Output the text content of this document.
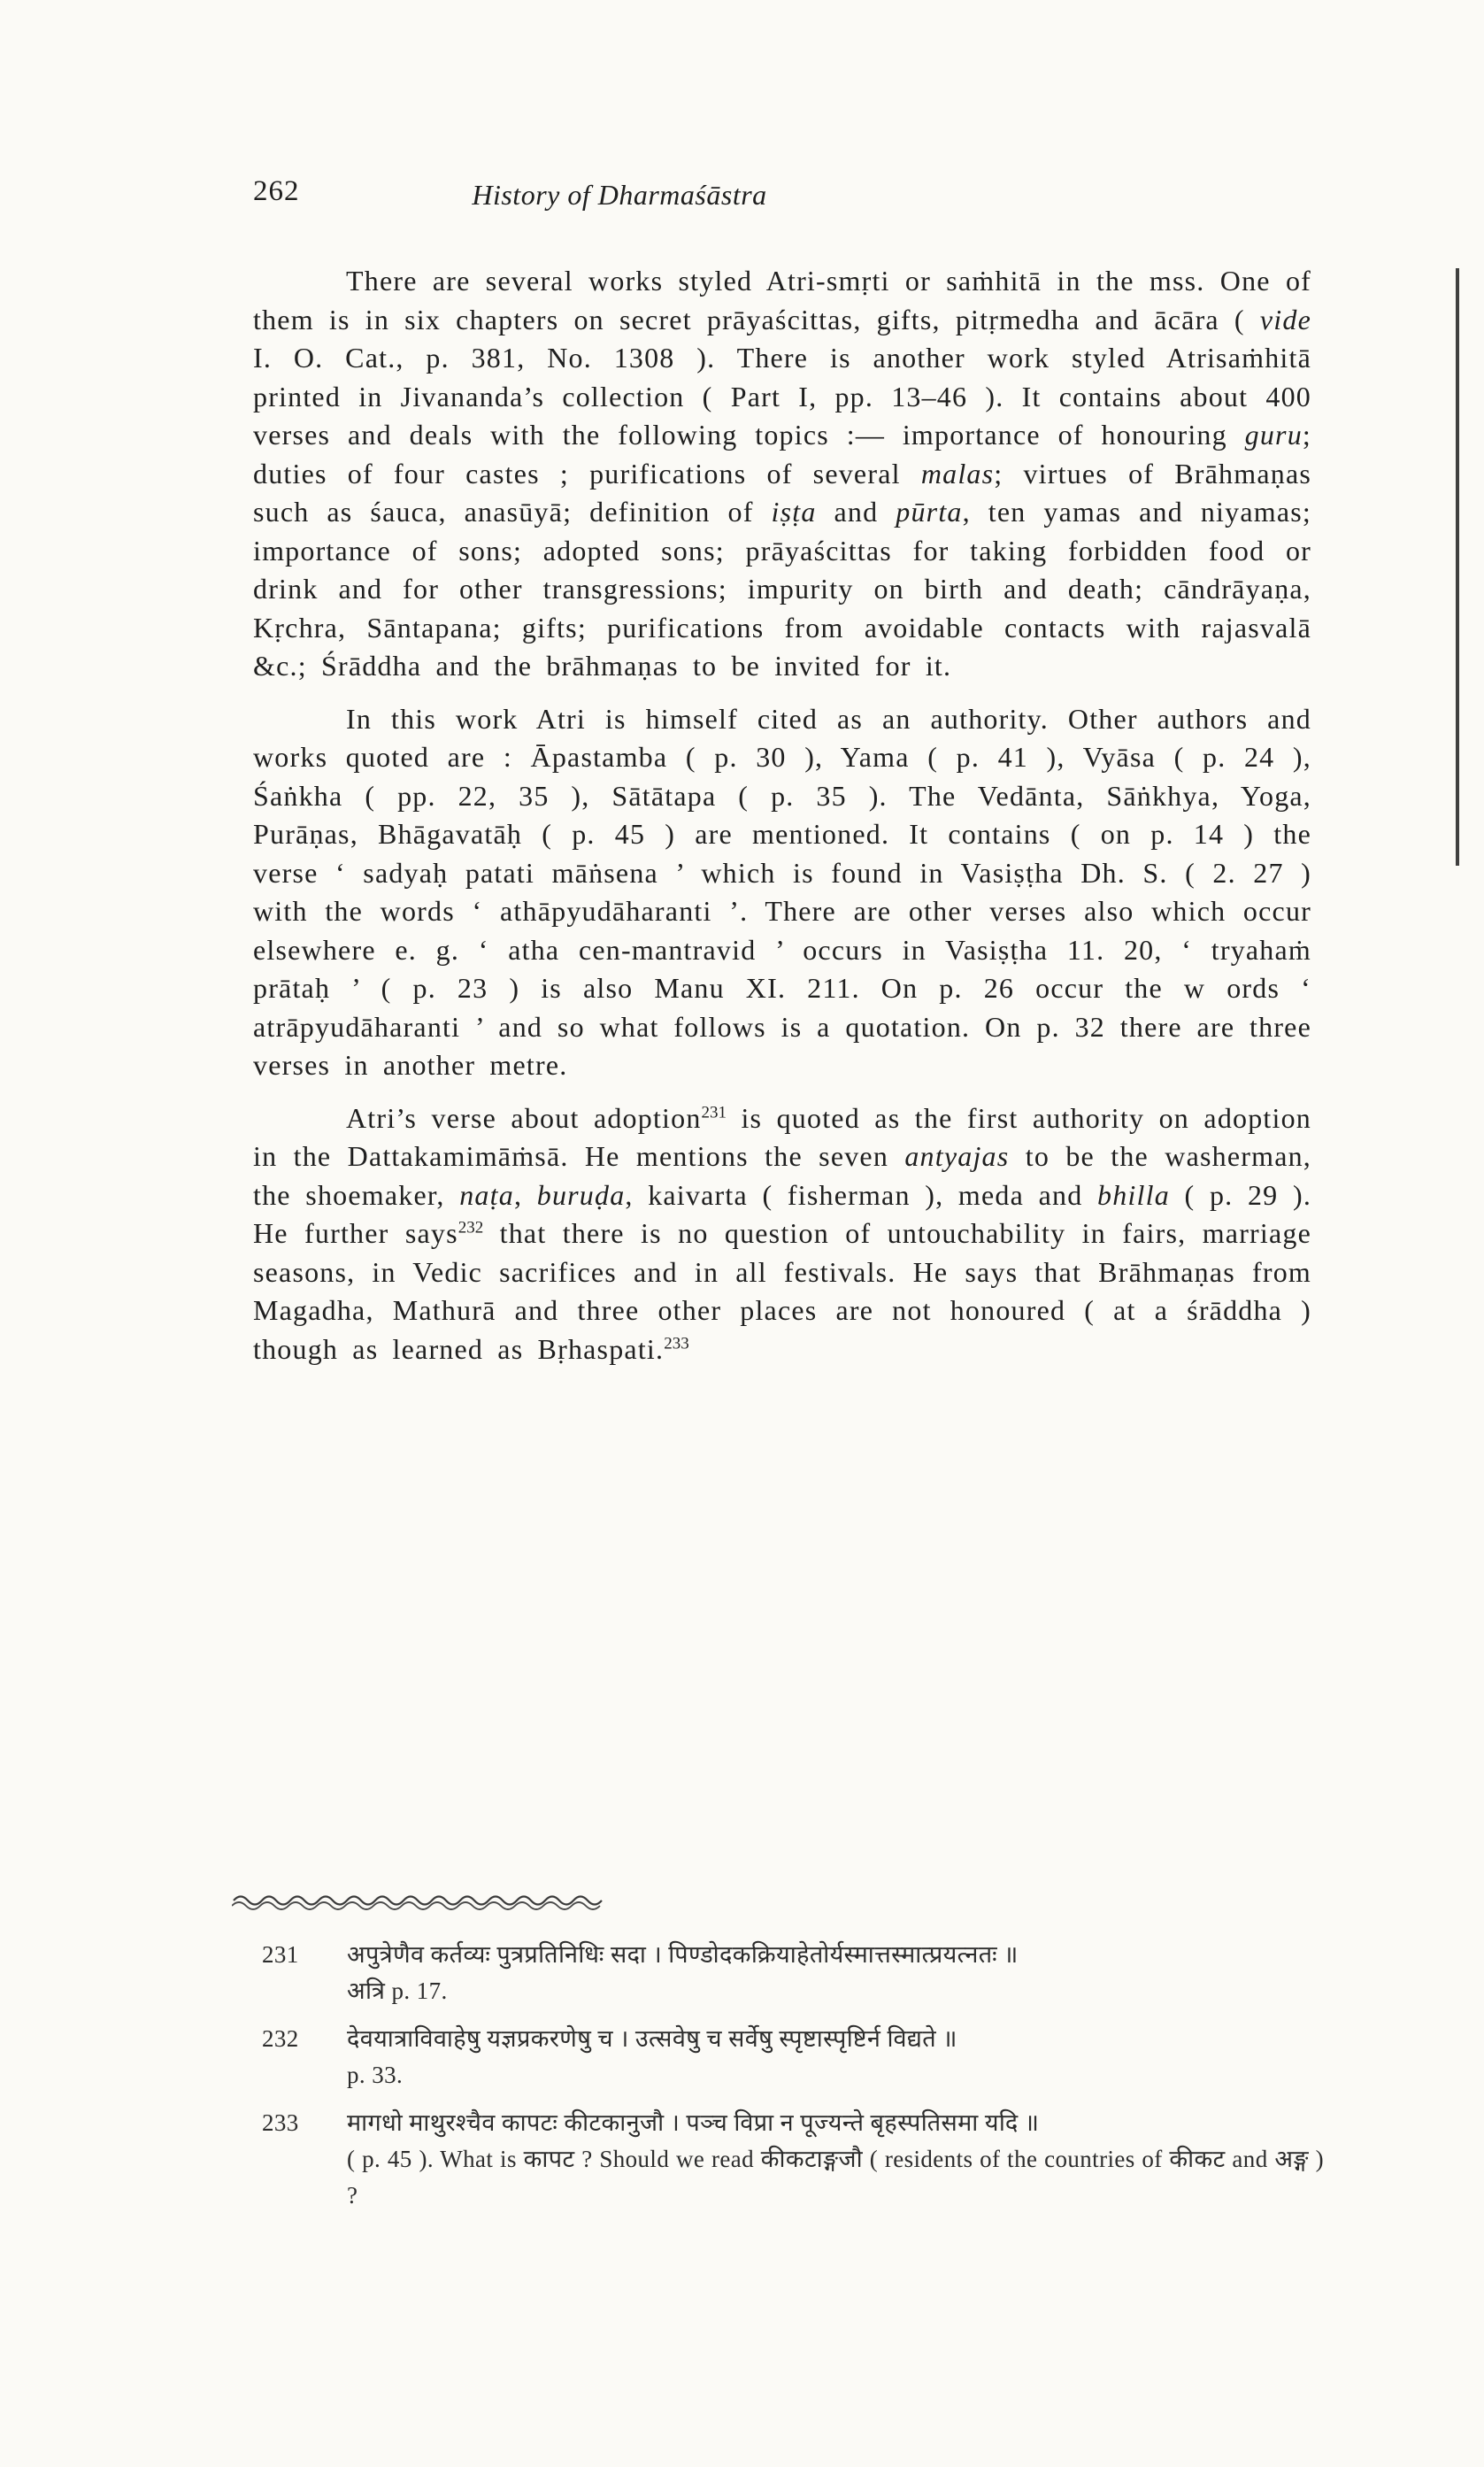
262	History of Dharmaśāstra

There are several works styled Atri-smṛti or saṁhitā in the mss. One of them is in six chapters on secret prāyaścittas, gifts, pitṛmedha and ācāra ( vide I. O. Cat., p. 381, No. 1308 ). There is another work styled Atrisaṁhitā printed in Jivananda’s collection ( Part I, pp. 13–46 ). It contains about 400 verses and deals with the following topics :— importance of honouring guru; duties of four castes ; purifications of several malas; virtues of Brāhmaṇas such as śauca, anasūyā; definition of iṣṭa and pūrta, ten yamas and niyamas; importance of sons; adopted sons; prāyaścittas for taking forbidden food or drink and for other transgressions; impurity on birth and death; cāndrāyaṇa, Kṛchra, Sāntapana; gifts; purifications from avoidable contacts with rajasvalā &c.; Śrāddha and the brāhmaṇas to be invited for it.

In this work Atri is himself cited as an authority. Other authors and works quoted are : Āpastamba ( p. 30 ), Yama ( p. 41 ), Vyāsa ( p. 24 ), Śaṅkha ( pp. 22, 35 ), Sātātapa ( p. 35 ). The Vedānta, Sāṅkhya, Yoga, Purāṇas, Bhāgavatāḥ ( p. 45 ) are mentioned. It contains ( on p. 14 ) the verse ‘ sadyaḥ patati māṅsena ’ which is found in Vasiṣṭha Dh. S. ( 2. 27 ) with the words ‘ athāpyudāharanti ’. There are other verses also which occur elsewhere e. g. ‘ atha cen-mantravid ’ occurs in Vasiṣṭha 11. 20, ‘ tryahaṁ prātaḥ ’ ( p. 23 ) is also Manu XI. 211. On p. 26 occur the w ords ‘ atrāpyudāharanti ’ and so what follows is a quotation. On p. 32 there are three verses in another metre.

Atri’s verse about adoption$^{231}$ is quoted as the first authority on adoption in the Dattakamimāṁsā. He mentions the seven antyajas to be the washerman, the shoemaker, naṭa, buruḍa, kaivarta ( fisherman ), meda and bhilla ( p. 29 ). He further says$^{232}$ that there is no question of untouchability in fairs, marriage seasons, in Vedic sacrifices and in all festivals. He says that Brāhmaṇas from Magadha, Mathurā and three other places are not honoured ( at a śrāddha ) though as learned as Bṛhaspati.$^{233}$

231	अपुत्रेणैव कर्तव्यः पुत्रप्रतिनिधिः सदा । पिण्डोदकक्रियाहेतोर्यस्मात्तस्मात्प्रयत्नतः ॥
अत्रि p. 17.
232	देवयात्राविवाहेषु यज्ञप्रकरणेषु च । उत्सवेषु च सर्वेषु स्पृष्टास्पृष्टिर्न विद्यते ॥
p. 33.
233	मागधो माथुरश्चैव कापटः कीटकानुजौ । पञ्च विप्रा न पूज्यन्ते बृहस्पतिसमा यदि ॥
( p. 45 ). What is कापट ? Should we read कीकटाङ्गजौ ( residents of the countries of कीकट and अङ्ग ) ?
